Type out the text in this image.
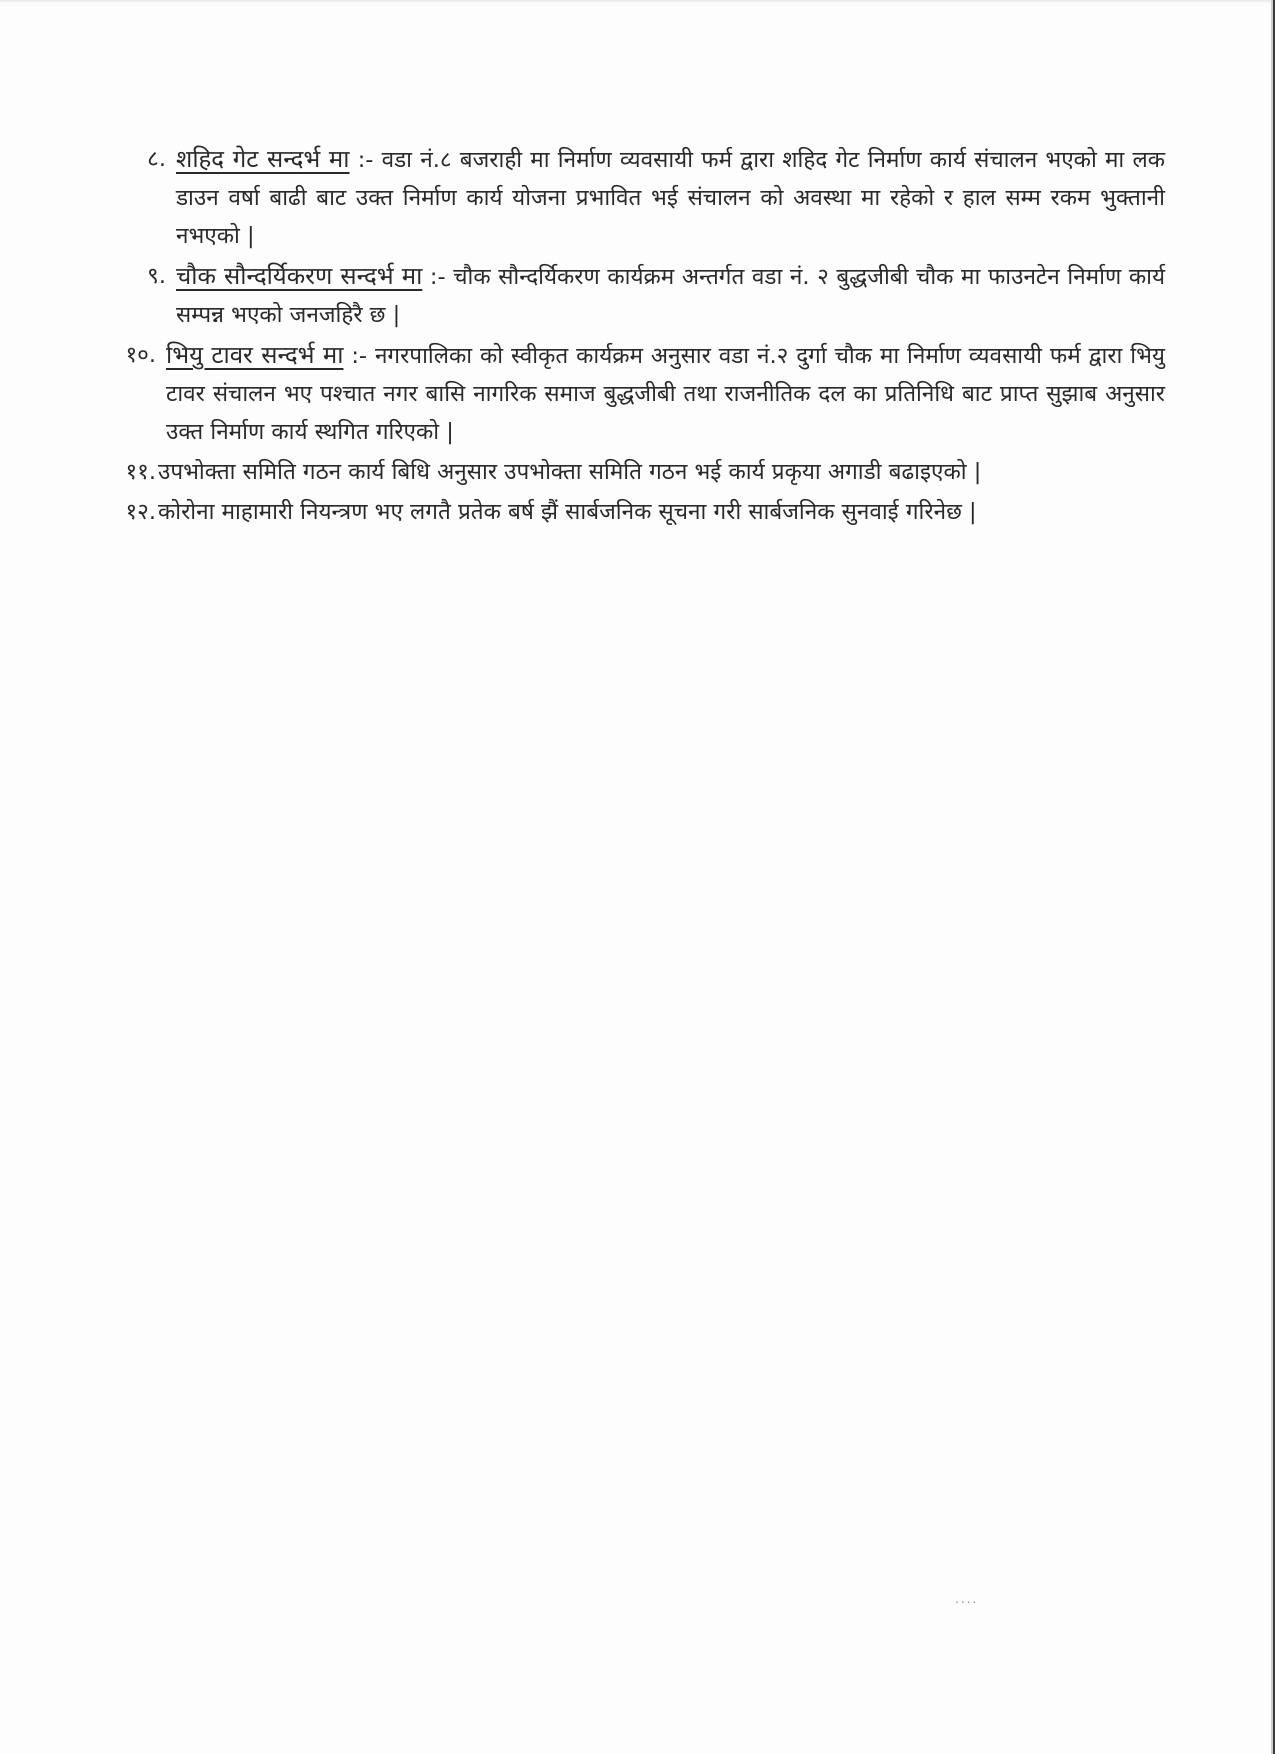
८. शहिद गेट सन्दर्भ मा :- वडा नं.८ बजराही मा निर्माण व्यवसायी फर्म द्वारा शहिद गेट निर्माण कार्य संचालन भएको मा लक डाउन वर्षा बाढी बाट उक्त निर्माण कार्य योजना प्रभावित भई संचालन को अवस्था मा रहेको र हाल सम्म रकम भुक्तानी नभएको |
९. चौक सौन्दर्यिकरण सन्दर्भ मा :- चौक सौन्दर्यिकरण कार्यक्रम अन्तर्गत वडा नं. २ बुद्धजीबी चौक मा फाउनटेन निर्माण कार्य सम्पन्न भएको जनजहिरै छ |
१०. भियु टावर सन्दर्भ मा :- नगरपालिका को स्वीकृत कार्यक्रम अनुसार वडा नं.२ दुर्गा चौक मा निर्माण व्यवसायी फर्म द्वारा भियु टावर संचालन भए पश्चात नगर बासि नागरिक समाज बुद्धजीबी तथा राजनीतिक दल का प्रतिनिधि बाट प्राप्त सुझाब अनुसार उक्त निर्माण कार्य स्थगित गरिएको |
११. उपभोक्ता समिति गठन कार्य बिधि अनुसार उपभोक्ता समिति गठन भई कार्य प्रकृया अगाडी बढाइएको |
१२. कोरोना माहामारी नियन्त्रण भए लगतै प्रतेक बर्ष झैं सार्बजनिक सूचना गरी सार्बजनिक सुनवाई गरिनेछ |
....
